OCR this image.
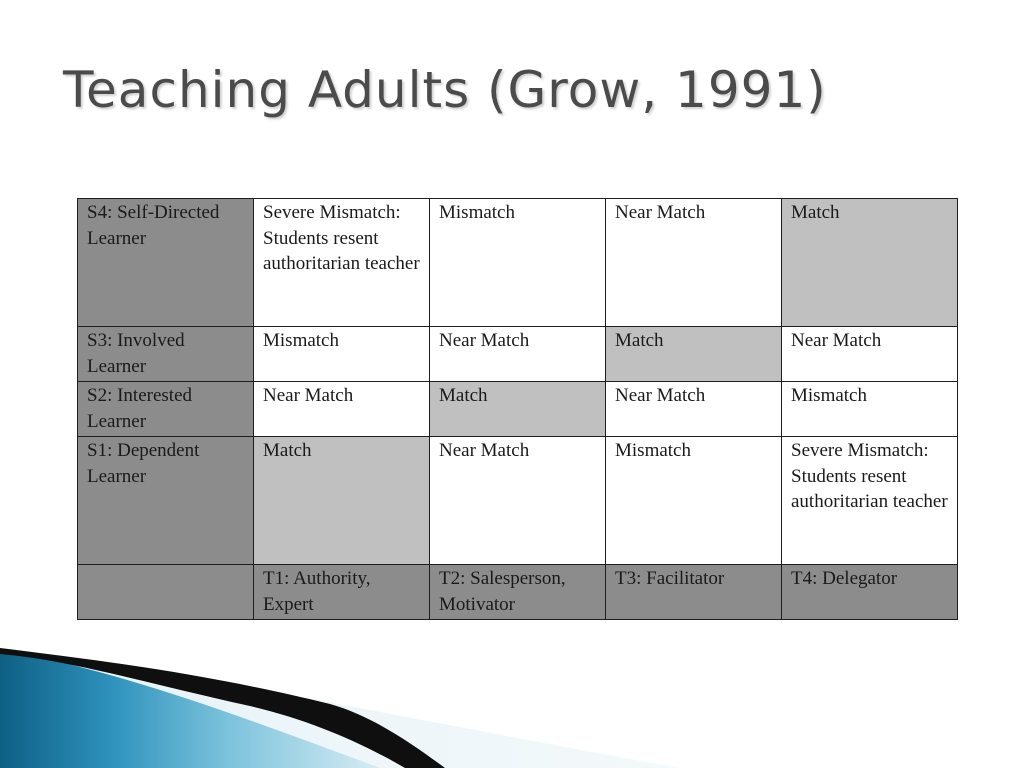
Teaching Adults (Grow, 1991)
S4: Self-Directed Learner	Severe Mismatch: Students resent authoritarian teacher	Mismatch	Near Match	Match
S3: Involved Learner	Mismatch	Near Match	Match	Near Match
S2: Interested Learner	Near Match	Match	Near Match	Mismatch
S1: Dependent Learner	Match	Near Match	Mismatch	Severe Mismatch: Students resent authoritarian teacher
	T1: Authority, Expert	T2: Salesperson, Motivator	T3: Facilitator	T4: Delegator
